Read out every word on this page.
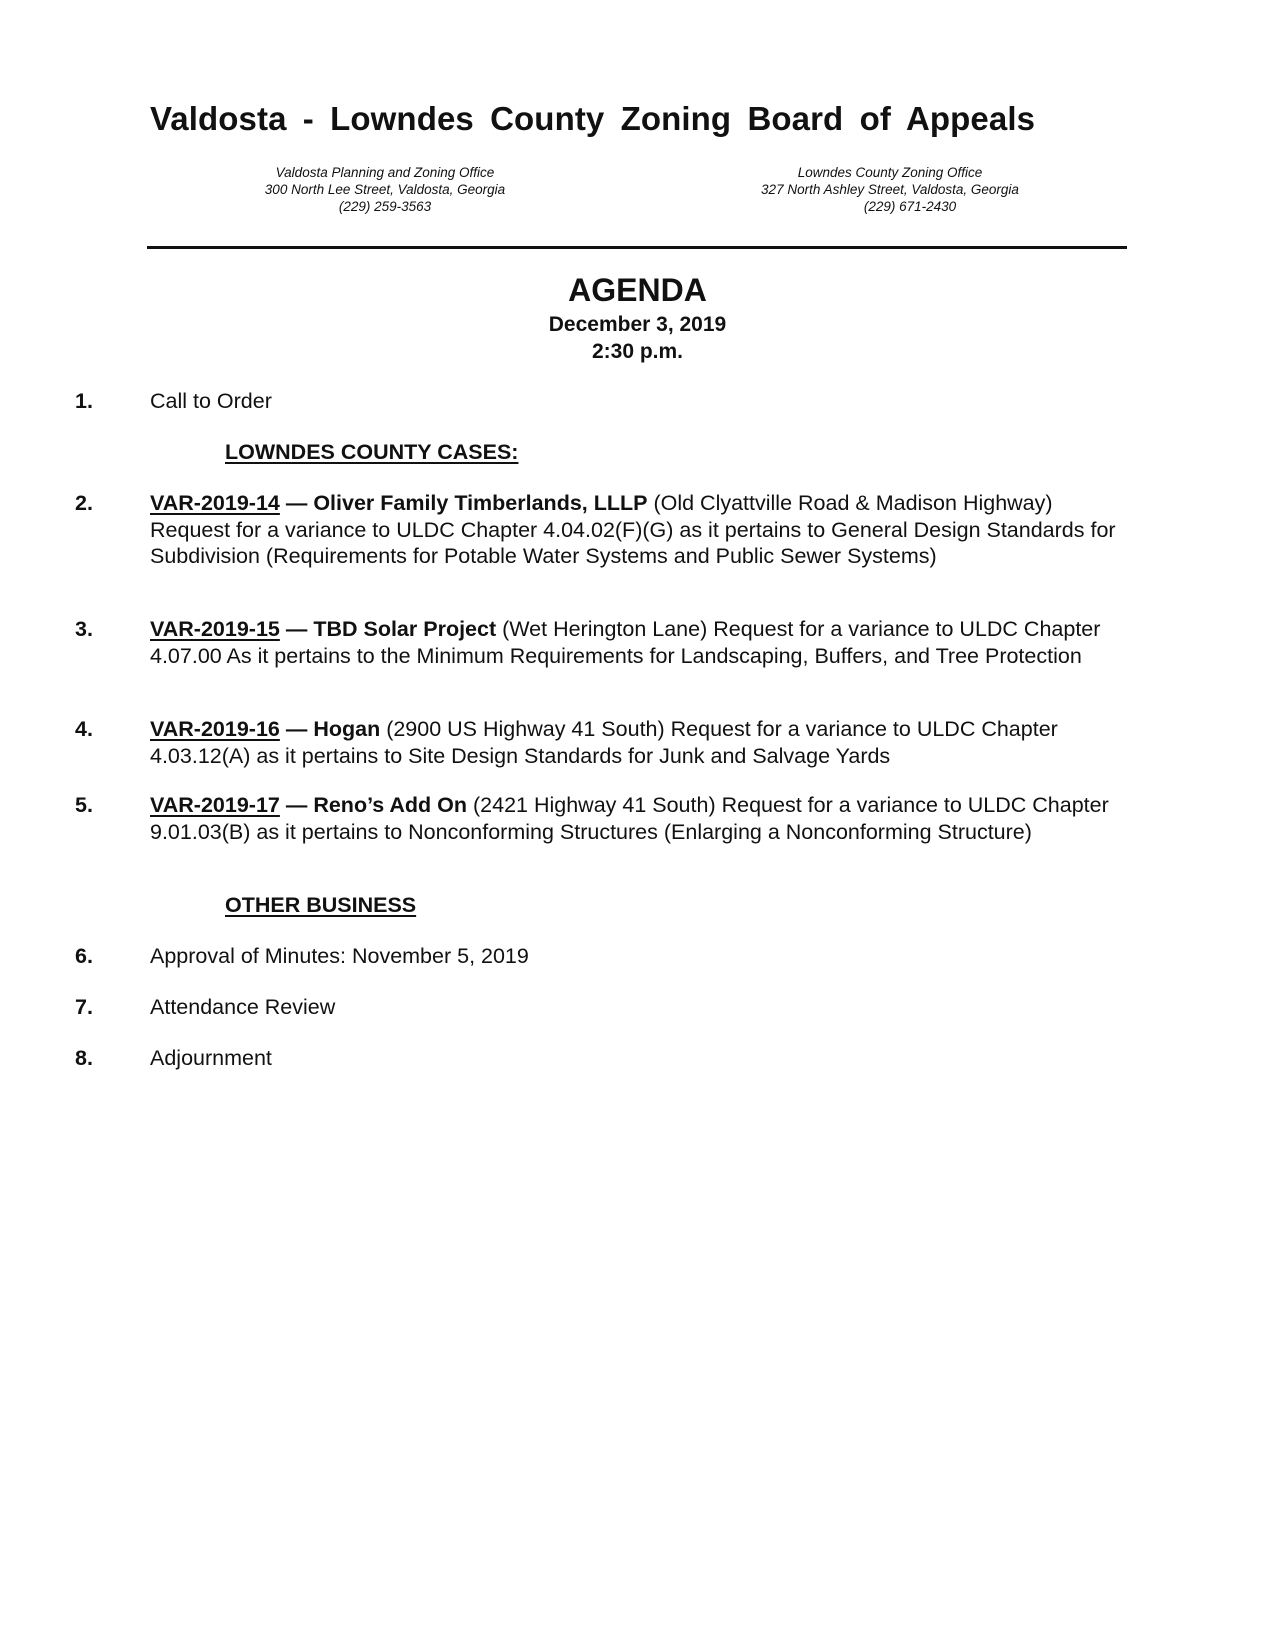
Valdosta - Lowndes County Zoning Board of Appeals
Valdosta Planning and Zoning Office
300 North Lee Street, Valdosta, Georgia
(229) 259-3563
Lowndes County Zoning Office
327 North Ashley Street, Valdosta, Georgia
(229) 671-2430
AGENDA
December 3, 2019
2:30 p.m.
1.	Call to Order
LOWNDES COUNTY CASES:
2.	VAR-2019-14 — Oliver Family Timberlands, LLLP (Old Clyattville Road & Madison Highway) Request for a variance to ULDC Chapter 4.04.02(F)(G) as it pertains to General Design Standards for Subdivision (Requirements for Potable Water Systems and Public Sewer Systems)
3.	VAR-2019-15 — TBD Solar Project (Wet Herington Lane) Request for a variance to ULDC Chapter 4.07.00 As it pertains to the Minimum Requirements for Landscaping, Buffers, and Tree Protection
4.	VAR-2019-16 — Hogan (2900 US Highway 41 South) Request for a variance to ULDC Chapter 4.03.12(A) as it pertains to Site Design Standards for Junk and Salvage Yards
5.	VAR-2019-17 — Reno’s Add On (2421 Highway 41 South) Request for a variance to ULDC Chapter 9.01.03(B) as it pertains to Nonconforming Structures (Enlarging a Nonconforming Structure)
OTHER BUSINESS
6.	Approval of Minutes: November 5, 2019
7.	Attendance Review
8.	Adjournment
